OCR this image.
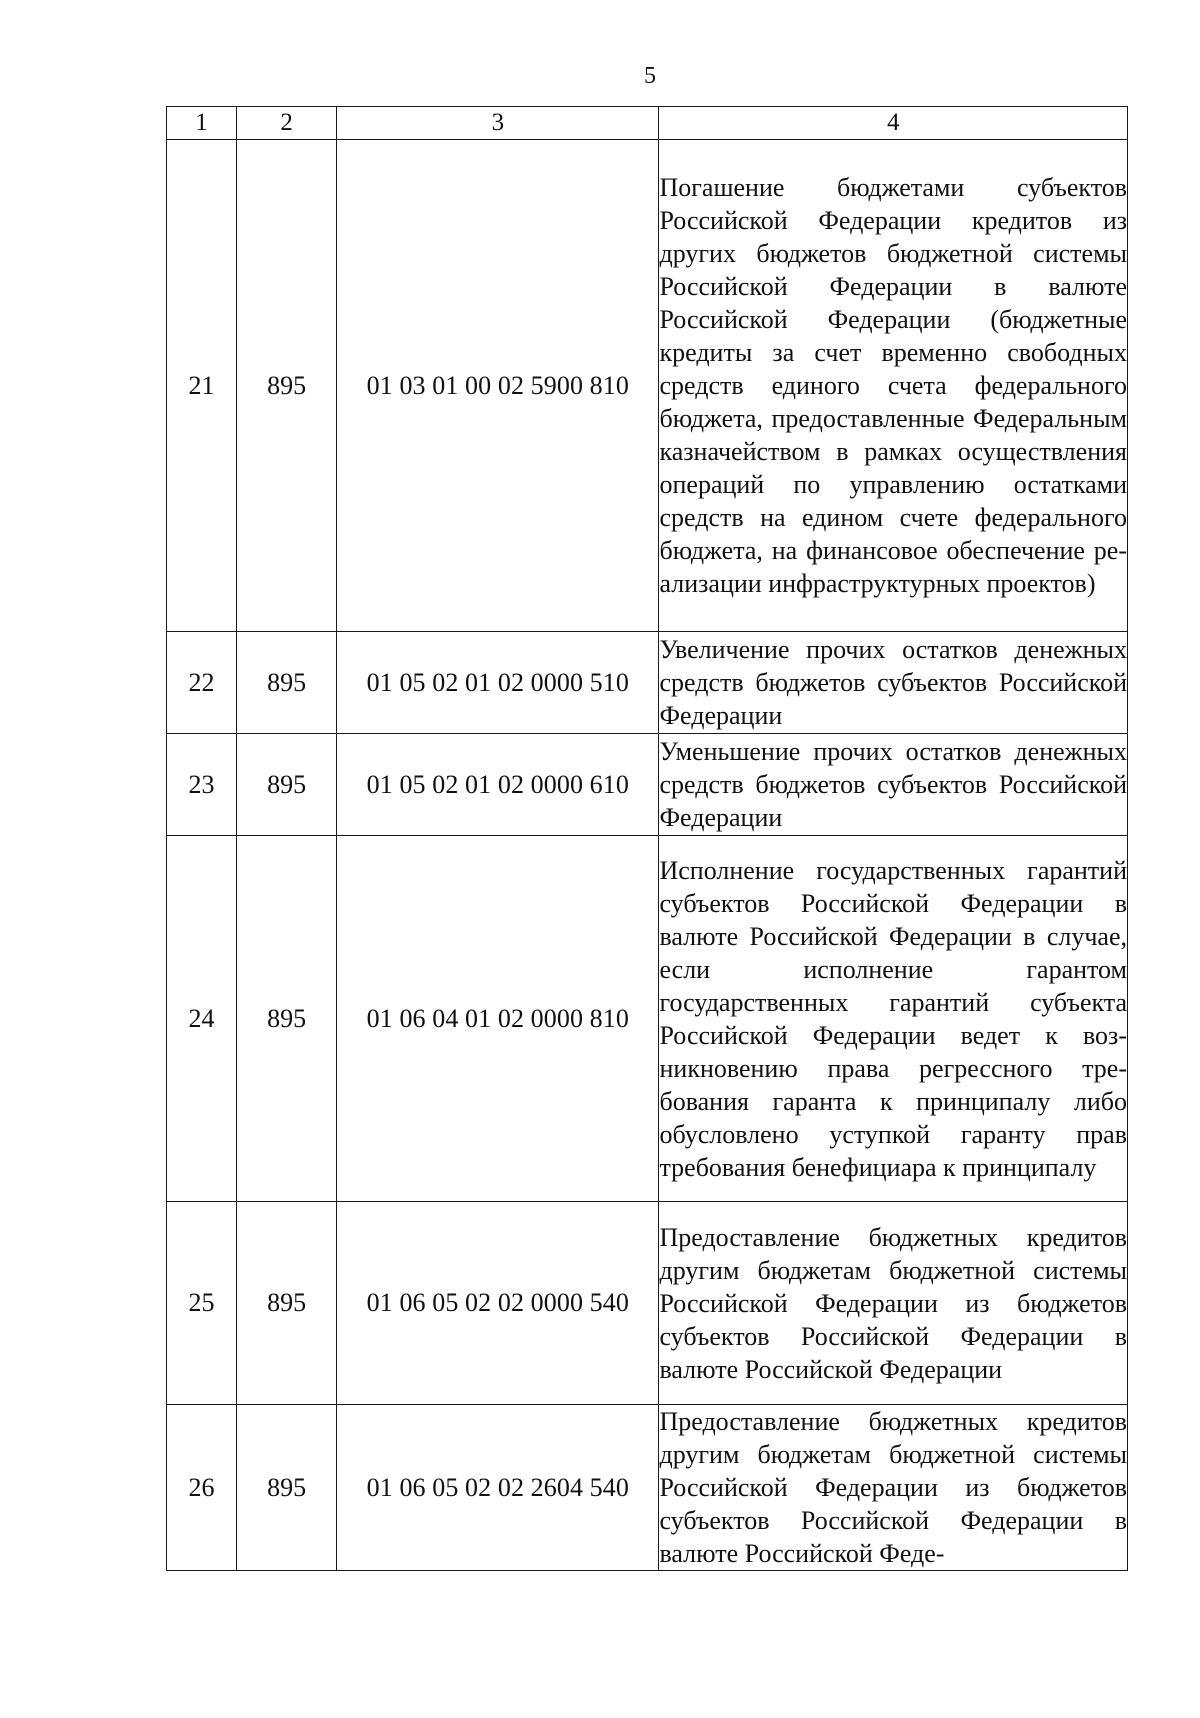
5
1	2	3	4
21	895	01 03 01 00 02 5900 810	Погашение бюджетами субъектов Российской Федерации кредитов из других бюджетов бюджетной системы Российской Федерации в валюте Российской Федерации (бюджетные кредиты за счет временно свободных средств единого счета федерального бюджета, предоставленные Федеральным казначейством в рамках осуществления операций по управлению остатками средств на едином счете федерального бюджета, на финансовое обеспечение реализации инфраструктурных проектов)
22	895	01 05 02 01 02 0000 510	Увеличение прочих остатков денежных средств бюджетов субъектов Российской Федерации
23	895	01 05 02 01 02 0000 610	Уменьшение прочих остатков денежных средств бюджетов субъектов Российской Федерации
24	895	01 06 04 01 02 0000 810	Исполнение государственных гарантий субъектов Российской Федерации в валюте Российской Федерации в случае, если исполнение гарантом государственных гарантий субъекта Российской Федерации ведет к возникновению права регрессного требования гаранта к принципалу либо обусловлено уступкой гаранту прав требования бенефициара к принципалу
25	895	01 06 05 02 02 0000 540	Предоставление бюджетных кредитов другим бюджетам бюджетной системы Российской Федерации из бюджетов субъектов Российской Федерации в валюте Российской Федерации
26	895	01 06 05 02 02 2604 540	Предоставление бюджетных кредитов другим бюджетам бюджетной системы Российской Федерации из бюджетов субъектов Российской Федерации в валюте Российской Феде-
